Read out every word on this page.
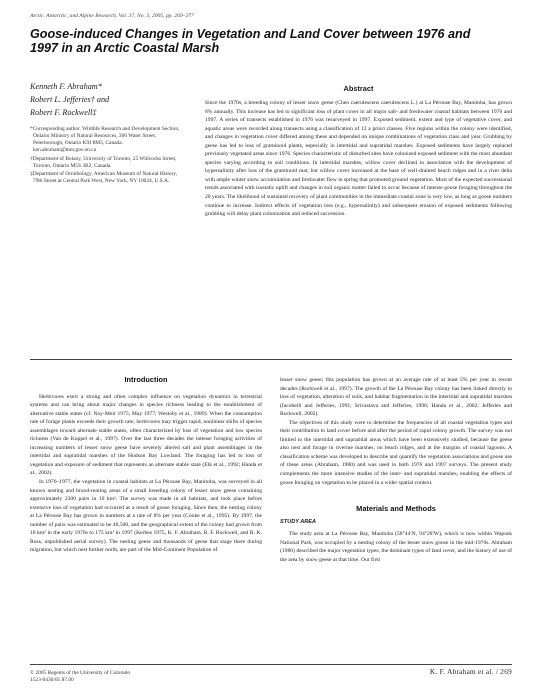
Arctic, Antarctic, and Alpine Research, Vol. 37, No. 3, 2005, pp. 269–277
Goose-induced Changes in Vegetation and Land Cover between 1976 and 1997 in an Arctic Coastal Marsh
Kenneth F. Abraham*
Robert L. Jefferies† and
Robert F. Rockwell‡

*Corresponding author. Wildlife Research and Development Section, Ontario Ministry of Natural Resources, 300 Water Street, Peterborough, Ontario K9J 8M5, Canada. ken.abraham@mnr.gov.on.ca

†Department of Botany, University of Toronto, 25 Willcocks Street, Toronto, Ontario M5S 3B2, Canada.

‡Department of Ornithology, American Museum of Natural History, 79th Street at Central Park West, New York, NY 10024, U.S.A.

Abstract

Since the 1970s, a breeding colony of lesser snow geese (Chen caerulescens caerulescens L.) at La Pérouse Bay, Manitoba, has grown 8% annually. This increase has led to significant loss of plant cover in all major salt- and freshwater coastal habitats between 1976 and 1997. A series of transects established in 1976 was resurveyed in 1997. Exposed sediment, extent and type of vegetative cover, and aquatic areas were recorded along transects using a classification of 12 a priori classes. Five regions within the colony were identified, and changes in vegetation cover differed among these and depended on unique combinations of vegetation class and year. Grubbing by geese has led to loss of graminoid plants, especially in intertidal and supratidal marshes. Exposed sediments have largely replaced previously vegetated areas since 1976. Species characteristic of disturbed sites have colonized exposed sediment with the most abundant species varying according to soil conditions. In intertidal marshes, willow cover declined in association with the development of hypersalinity after loss of the graminoid mat, but willow cover increased at the base of well-drained beach ridges and in a river delta with ample winter snow accumulation and freshwater flow in spring that promoted ground vegetation. Most of the expected successional trends associated with isostatic uplift and changes in soil organic matter failed to occur because of intense goose foraging throughout the 20 years. The likelihood of sustained recovery of plant communities in the immediate coastal zone is very low, as long as goose numbers continue to increase. Indirect effects of vegetation loss (e.g., hypersalinity) and subsequent erosion of exposed sediments following grubbing will delay plant colonization and reduced succession.

Introduction

Herbivores exert a strong and often complex influence on vegetation dynamics in terrestrial systems and can bring about major changes in species richness leading to the establishment of alternative stable states (cf. Noy-Meir 1975; May 1977; Westoby et al., 1989). When the consumption rate of forage plants exceeds their growth rate, herbivores may trigger rapid, nonlinear shifts of species assemblages toward alternate stable states, often characterized by loss of vegetation and low species richness (Van de Koppel et al., 1997). Over the last three decades the intense foraging activities of increasing numbers of lesser snow geese have severely altered salt and plant assemblages in the intertidal and supratidal marshes of the Hudson Bay Lowland. The foraging has led to loss of vegetation and exposure of sediment that represents an alternate stable state (Elk et al., 1992; Handa et al., 2002).

In 1976–1977, the vegetation in coastal habitats at La Pérouse Bay, Manitoba, was surveyed in all known nesting and brood-rearing areas of a small breeding colony of lesser snow geese containing approximately 2300 pairs in 10 km². The survey was made in all habitats, and took place before extensive loss of vegetation had occurred as a result of goose foraging. Since then, the nesting colony at La Pérouse Bay has grown in numbers at a rate of 8% per year (Cooke et al., 1995). By 1997, the number of pairs was estimated to be 40,500, and the geographical extent of the colony had grown from 10 km² in the early 1970s to 175 km² in 1997 (Kerbes 1975, K. F. Abraham, R. F. Rockwell, and R. K. Ross, unpublished aerial survey). The nesting geese and thousands of geese that stage there during migration, but which nest further north, are part of the Mid-Continent Population of

lesser snow geese; this population has grown at an average rate of at least 5% per year in recent decades (Rockwell et al., 1997). The growth of the La Pérouse Bay colony has been linked directly to loss of vegetation, alteration of soils, and habitat fragmentation in the intertidal and supratidal marshes (Iacobelli and Jefferies, 1991; Srivastava and Jefferies, 1996; Handa et al., 2002; Jefferies and Rockwell, 2002).

The objectives of this study were to determine the frequencies of all coastal vegetation types and their contribution to land cover before and after the period of rapid colony growth. The survey was not limited to the intertidal and supratidal areas which have been extensively studied, because the geese also nest and forage in riverine marshes, on beach ridges, and at the margins of coastal lagoons. A classification scheme was developed to describe and quantify the vegetation associations and goose use of these areas (Abraham, 1980) and was used in both 1976 and 1997 surveys. The present study complements the more intensive studies of the inter- and supratidal marshes, enabling the effects of goose foraging on vegetation to be placed in a wider spatial context.

Materials and Methods
STUDY AREA

The study area at La Pérouse Bay, Manitoba (58°44′N, 94°28′W), which is now within Wapusk National Park, was occupied by a nesting colony of the lesser snow goose in the mid-1970s. Abraham (1980) described the major vegetation types, the dominant types of land cover, and the history of use of the area by snow geese at that time. Our first

© 2005 Regents of the University of Colorado
1523-0430/05 $7.00
K. F. Abraham et al. / 269
